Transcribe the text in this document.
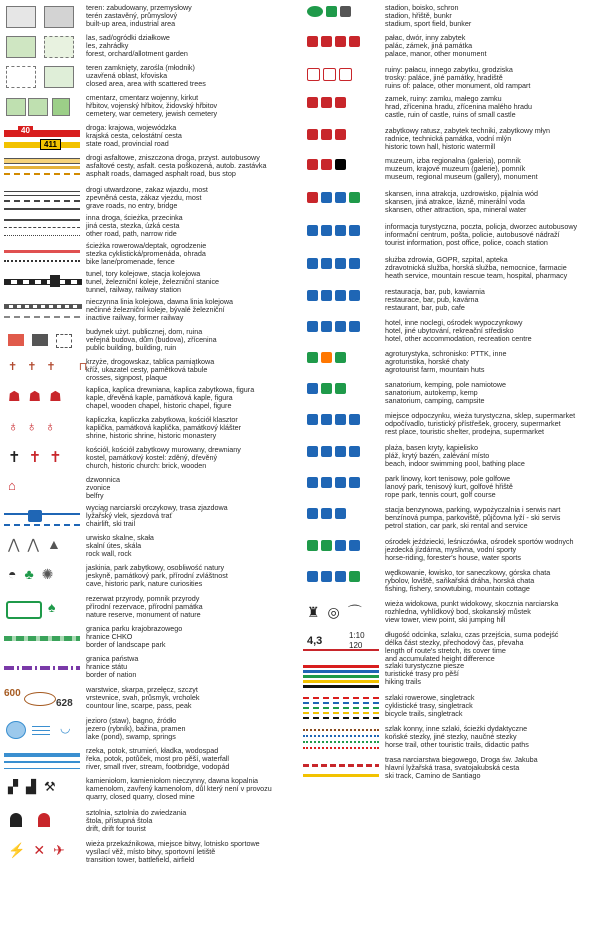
teren: zabudowany, przemysłowy
terén zastavěný, průmyslový
built-up area, industrial area
las, sad/ogródki działkowe
les, zahrádky
forest, orchard/allotment garden
teren zamknięty, zarośla (młodnik)
uzavřená oblast, křoviska
closed area, area with scattered trees
cmentarz, cmentarz wojenny, kirkut
hřbitov, vojenský hřbitov, židovský hřbitov
cemetery, war cemetery, jewish cemetery
40
411
droga: krajowa, wojewódzka
krajská cesta, celostátní cesta
state road, provincial road
drogi asfaltowe, zniszczona droga, przyst. autobusowy
asfaltové cesty, asfalt. cesta poškozená, autob. zastávka
asphalt roads, damaged asphalt road, bus stop
drogi utwardzone, zakaz wjazdu, most
zpevněná cesta, zákaz vjezdu, most
grave roads, no entry, bridge
inna droga, ścieżka, przecinka
jiná cesta, stezka, úzká cesta
other road, path, narrow ride
ścieżka rowerowa/deptak, ogrodzenie
stezka cyklistická/promenáda, ohrada
bike lane/promenade, fence
tunel, tory kolejowe, stacja kolejowa
tunel, železniční koleje, železniční stanice
tunnel, railway, railway station
nieczynna linia kolejowa, dawna linia kolejowa
nečinné železniční koleje, bývalé železniční
inactive railway, former railway
budynek użyt. publicznej, dom, ruina
veřejná budova, dům (budova), zřícenina
public building, building, ruin
✝✝✝ ⊓
krzyże, drogowskaz, tablica pamiątkowa
kříž, ukazatel cesty, pamětková tabule
crosses, signpost, plaque
☗☗☗ kaplica, kaplica drewniana, kaplica zabytkowa, figura
kaple, dřevěná kaple, památková kaple, figura
chapel, wooden chapel, historic chapel, figure
♁♁♁	kapliczka, kapliczka zabytkowa, kościół klasztor
kaplička, památková kaplička, památkový klášter
shrine, historic shrine, historic monastery
✝✝✝ kościół, kościół zabytkowy murowany, drewniany
kostel, památkový kostel: zděný, dřevěný
church, historic church: brick, wooden
⌂	dzwonnica
zvonice
belfry
wyciąg narciarski orczykowy, trasa zjazdowa
lyžařský vlek, sjezdová trať
chairlift, ski trail
⋀⋀▲ urwisko skalne, skała
skalní útes, skála
rock wall, rock
◓♣✺	jaskinia, park zabytkowy, osobliwość natury
jeskyně, památkový park, přírodní zvláštnost
cave, historic park, nature curiosities
♠
rezerwat przyrody, pomnik przyrody
přírodní rezervace, přírodní památka
nature reserve, monument of nature
granica parku krajobrazowego
hranice CHKO
border of landscape park
granica państwa
hranice státu
border of nation
600
628
warstwice, skarpa, przełęcz, szczyt
vrstevnice, svah, průsmyk, vrcholek
countour line, scarpe, pass, peak
◡
jezioro (staw), bagno, źródło
jezero (rybník), bažina, pramen
lake (pond), swamp, springs
rzeka, potok, strumień, kładka, wodospad
řeka, potok, potůček, most pro pěší, waterfall
river, small river, stream, footbridge, vodopád
▞▟⚒	kamieniołom, kamieniołom nieczynny, dawna kopalnia
kamenolom, zavřený kamenolom, důl který není v provozu
quarry, closed quarry, closed mine
sztolnia, sztolnia do zwiedzania
štola, přístupná štola
drift, drift for tourist
⚡✕✈ wieża przekaźnikowa, miejsce bitwy, lotnisko sportowe
vysílací věž, místo bitvy, sportovní letiště
transition tower, battlefield, airfield
stadion, boisko, schron
stadion, hřiště, bunkr
stadium, sport field, bunker
pałac, dwór, inny zabytek
palác, zámek, jiná památka
palace, manor, other monument
ruiny: pałacu, innego zabytku, grodziska
trosky: paláce, jiné památky, hradiště
ruins of: palace, other monument, old rampart
zamek, ruiny: zamku, małego zamku
hrad, zřícenina hradu, zřícenina malého hradu
castle, ruin of castle, ruins of small castle
zabytkowy ratusz, zabytek techniki, zabytkowy młyn
radnice, technická památka, vodní mlýn
historic town hall, historic watermill
muzeum, izba regionalna (galeria), pomnik
muzeum, krajové muzeum (galerie), pomník
museum, regional museum (gallery), monument
skansen, inna atrakcja, uzdrowisko, pijalnia wód
skansen, jiná atrakce, lázně, minerální voda
skansen, other attraction, spa, mineral water
informacja turystyczna, poczta, policja, dworzec autobusowy
informační centrum, pošta, policie, autobusové nádraží
tourist information, post office, police, coach station
służba zdrowia, GOPR, szpital, apteka
zdravotnická služba, horská služba, nemocnice, farmacie
heath service, mountain rescue team, hospital, pharmacy
restauracja, bar, pub, kawiarnia
restaurace, bar, pub, kavárna
restaurant, bar, pub, cafe
hotel, inne noclegi, ośrodek wypoczynkowy
hotel, jiné ubytování, rekreační středisko
hotel, other accommodation, recreation centre
agroturystyka, schronisko: PTTK, inne
agroturistika, horské chaty
agrotourist farm, mountain huts
sanatorium, kemping, pole namiotowe
sanatorium, autokemp, kemp
sanatorium, camping, campsite
miejsce odpoczynku, wieża turystyczna, sklep, supermarket
odpočívadlo, turistický přístřešek, grocery, supermarket
rest place, touristic shelter, prodejna, supermarket
plaża, basen kryty, kąpielisko
pláž, krytý bazén, zalévání místo
beach, indoor swimming pool, bathing place
park linowy, kort tenisowy, pole golfowe
lanový park, tenisový kurt, golfové hřiště
rope park, tennis court, golf course
stacja benzynowa, parking, wypożyczalnia i serwis nart
benzínová pumpa, parkoviště, půjčovna lyží - ski servis
petrol station, car park, ski rental and service
ośrodek jeździecki, leśniczówka, ośrodek sportów wodnych
jezdecká jízdárna, myslivna, vodní sporty
horse-riding, forester's house, water sports
wędkowanie, łowisko, tor saneczkowy, górska chata
rybolov, loviště, saňkařská dráha, horská chata
fishing, fishery, snowtubing, mountain cottage
♜◎⌒
wieża widokowa, punkt widokowy, skocznia narciarska
rozhledna, vyhlídkový bod, skokanský můstek
view tower, view point, ski jumping hill
4,3	1:10
120
długość odcinka, szlaku, czas przejścia, suma podejść
délka část stezky, přechodový čas, převaha
length of route's stretch, its cover time
and accumulated height difference
szlaki turystyczne piesze
turistické trasy pro pěší
hiking trails
szlaki rowerowe, singletrack
cyklistické trasy, singletrack
bicycle trails, singletrack
szlak konny, inne szlaki, ścieżki dydaktyczne
koňské stezky, jiné stezky, naučné stezky
horse trail, other touristic trails, didactic paths
trasa narciarstwa biegowego, Droga św. Jakuba
hlavní lyžařská trasa, svatojakubská cesta
ski track, Camino de Santiago
